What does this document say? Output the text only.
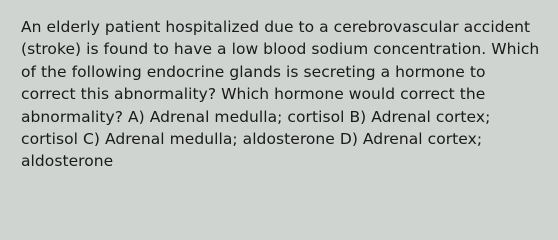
An elderly patient hospitalized due to a cerebrovascular accident (stroke) is found to have a low blood sodium concentration. Which of the following endocrine glands is secreting a hormone to correct this abnormality? Which hormone would correct the abnormality? A) Adrenal medulla; cortisol B) Adrenal cortex; cortisol C) Adrenal medulla; aldosterone D) Adrenal cortex; aldosterone
